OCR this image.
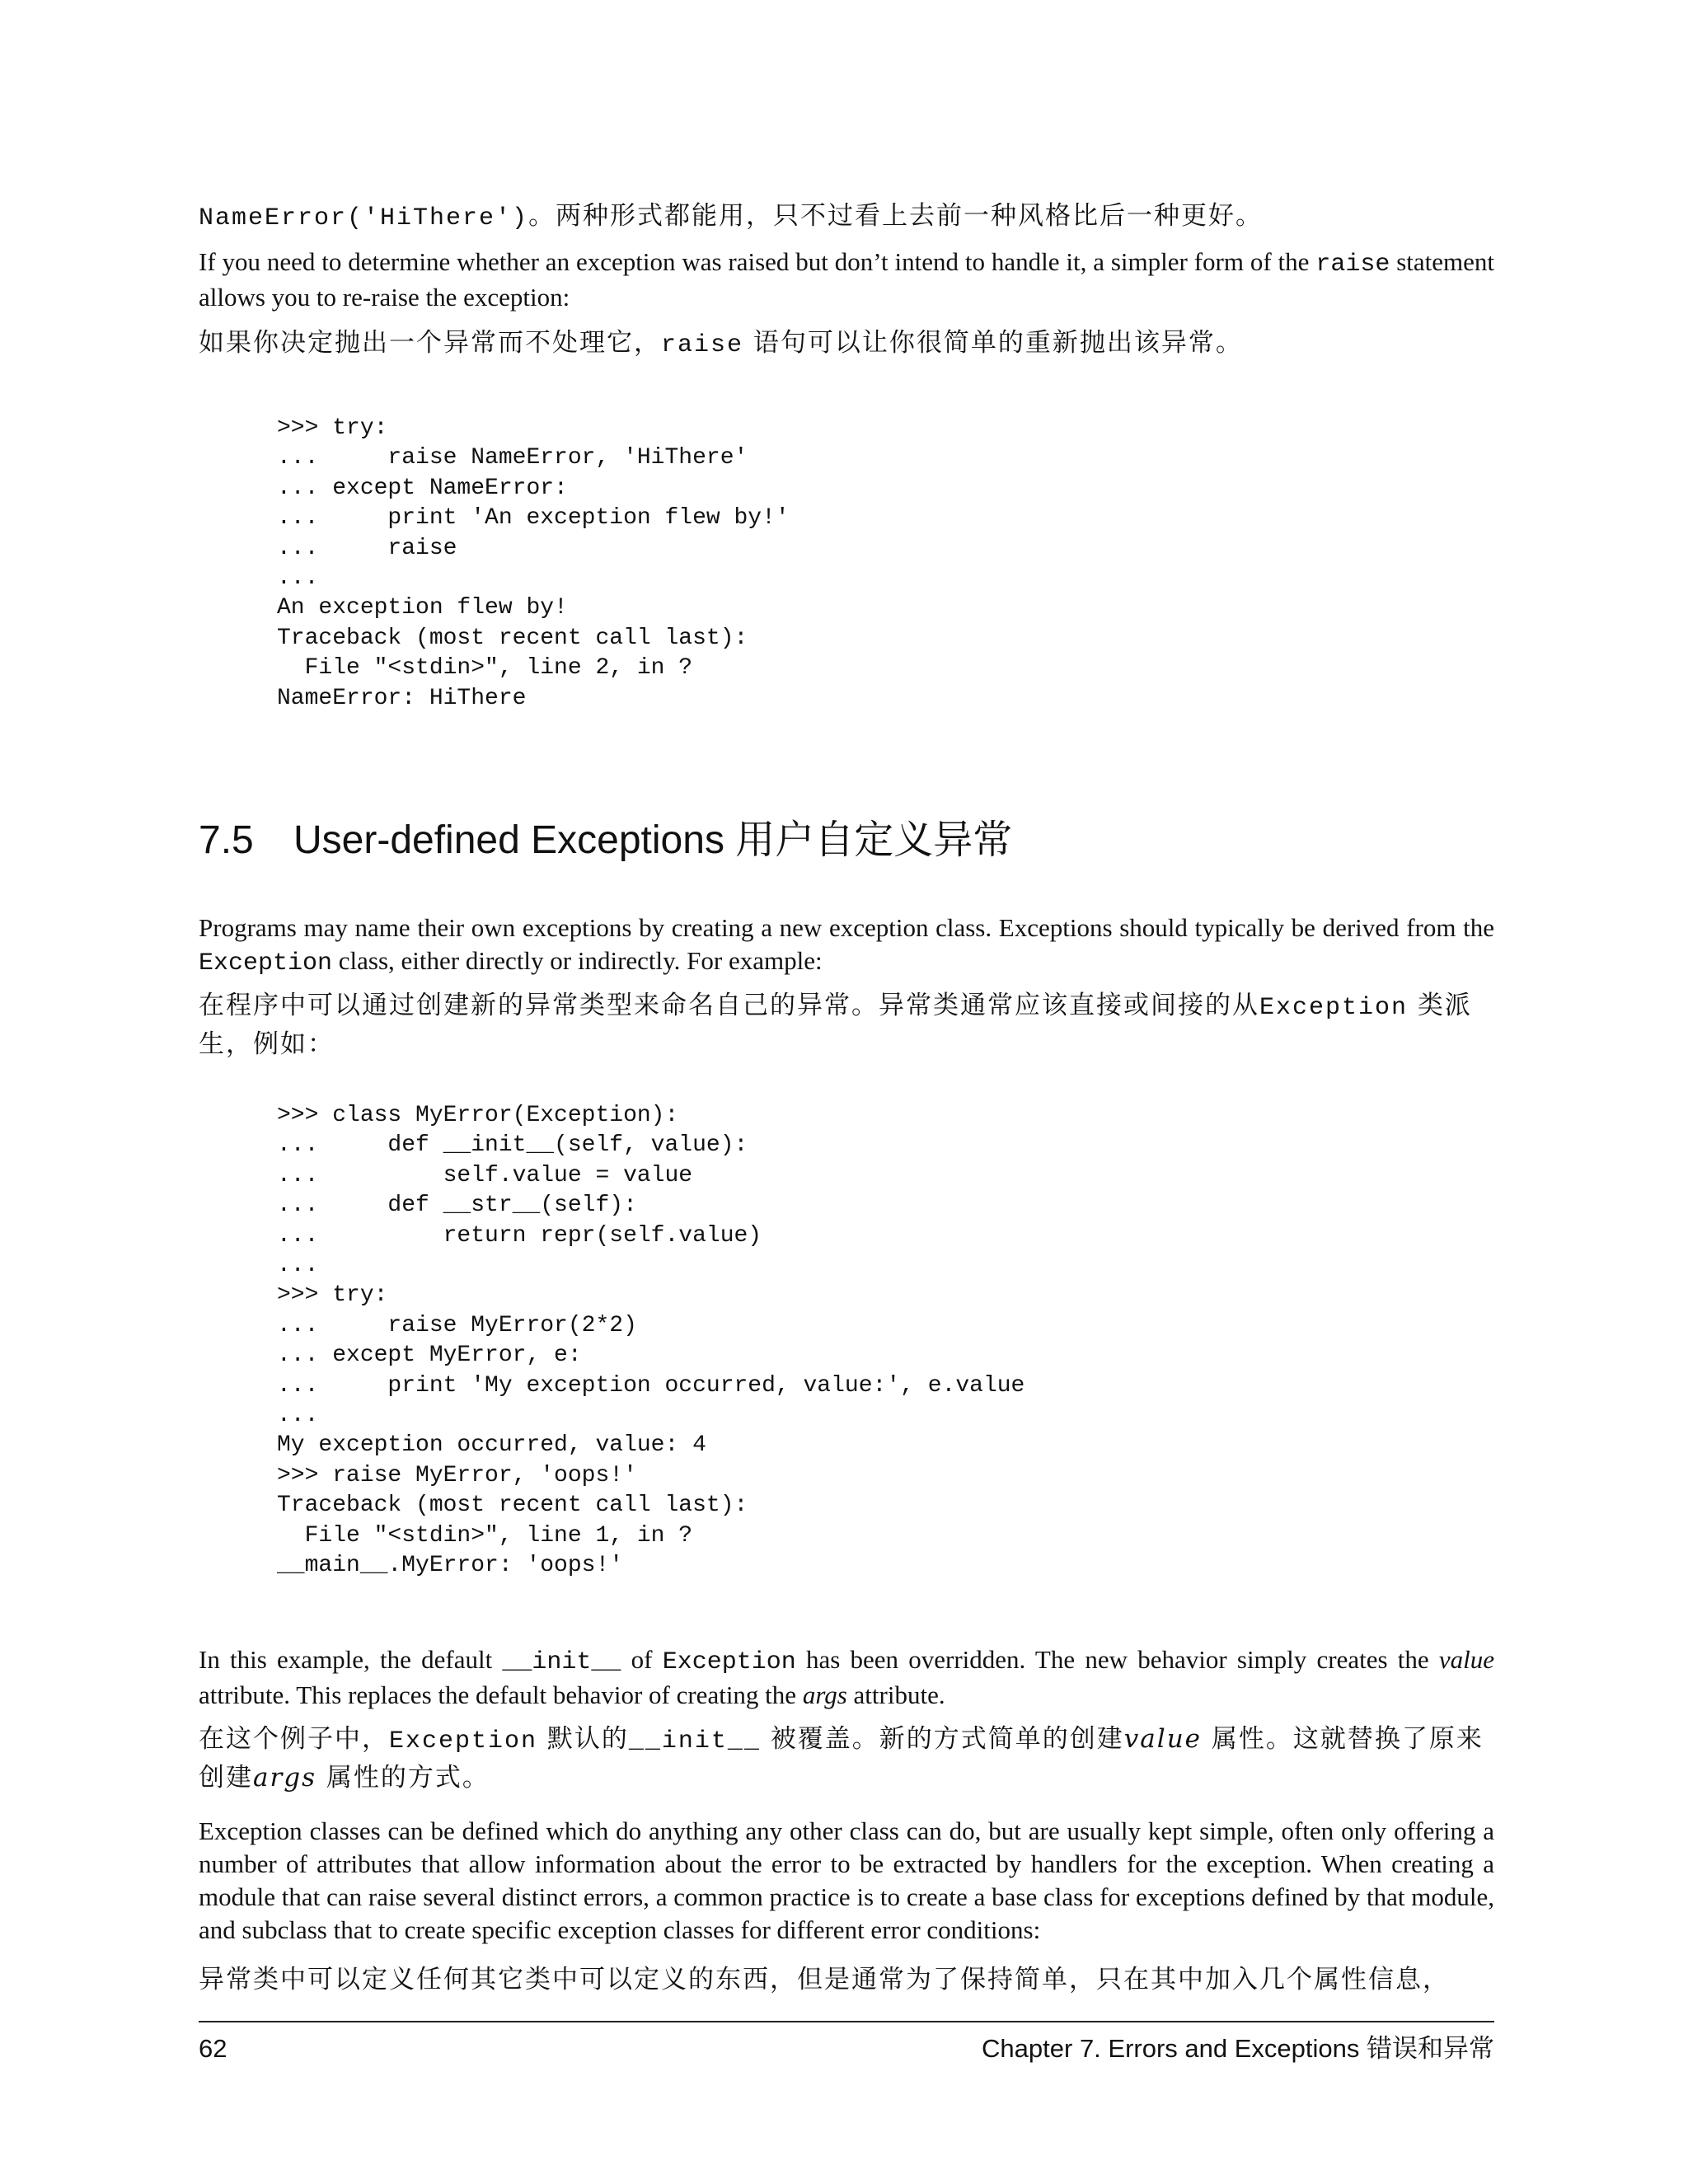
NameError('HiThere')。两种形式都能用，只不过看上去前一种风格比后一种更好。

If you need to determine whether an exception was raised but don’t intend to handle it, a simpler form of the raise statement allows you to re-raise the exception:

如果你决定抛出一个异常而不处理它，raise 语句可以让你很简单的重新抛出该异常。

>>> try:
...     raise NameError, 'HiThere'
... except NameError:
...     print 'An exception flew by!'
...     raise
...
An exception flew by!
Traceback (most recent call last):
File "<stdin>", line 2, in ?
NameError: HiThere
7.5 User-defined Exceptions 用户自定义异常

Programs may name their own exceptions by creating a new exception class. Exceptions should typically be derived from the Exception class, either directly or indirectly. For example:

在程序中可以通过创建新的异常类型来命名自己的异常。异常类通常应该直接或间接的从Exception 类派生，例如：

>>> class MyError(Exception):
...     def __init__(self, value):
...         self.value = value
...     def __str__(self):
...         return repr(self.value)
...
>>> try:
...     raise MyError(2*2)
... except MyError, e:
...     print 'My exception occurred, value:', e.value
...
My exception occurred, value: 4
>>> raise MyError, 'oops!'
Traceback (most recent call last):
File "<stdin>", line 1, in ?
__main__.MyError: 'oops!'

In this example, the default __init__ of Exception has been overridden. The new behavior simply creates the value attribute. This replaces the default behavior of creating the args attribute.

在这个例子中，Exception 默认的__init__ 被覆盖。新的方式简单的创建value 属性。这就替换了原来创建args 属性的方式。

Exception classes can be defined which do anything any other class can do, but are usually kept simple, often only offering a number of attributes that allow information about the error to be extracted by handlers for the exception. When creating a module that can raise several distinct errors, a common practice is to create a base class for exceptions defined by that module, and subclass that to create specific exception classes for different error conditions:

异常类中可以定义任何其它类中可以定义的东西，但是通常为了保持简单，只在其中加入几个属性信息，

62	Chapter 7. Errors and Exceptions 错误和异常
